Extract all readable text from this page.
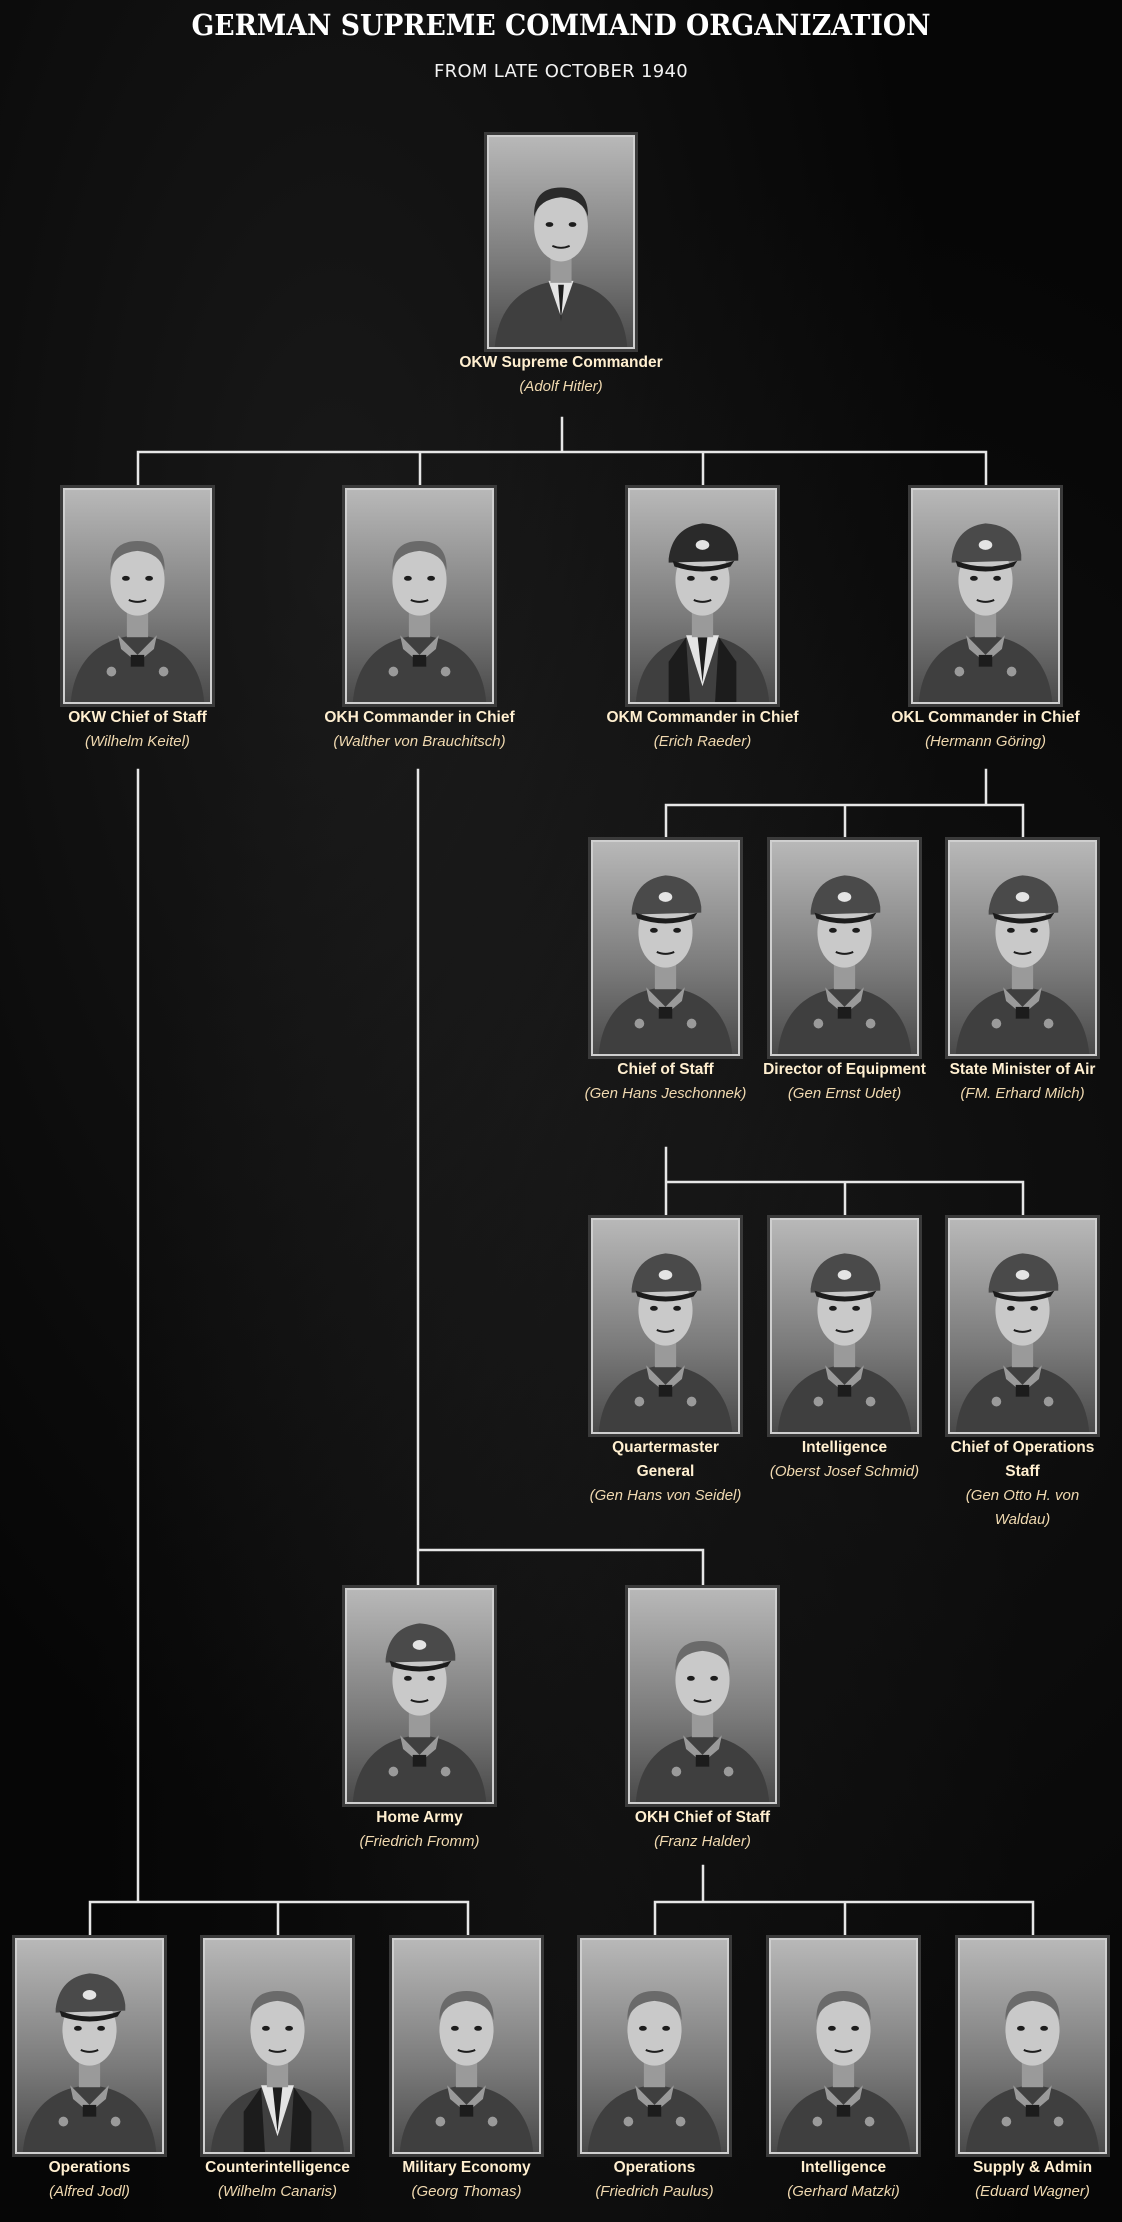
GERMAN SUPREME COMMAND ORGANIZATION
FROM LATE OCTOBER 1940
OKW Supreme Commander
(Adolf Hitler)
OKW Chief of Staff
(Wilhelm Keitel)
OKH Commander in Chief
(Walther von Brauchitsch)
OKM Commander in Chief
(Erich Raeder)
OKL Commander in Chief
(Hermann Göring)
Chief of Staff
(Gen Hans Jeschonnek)
Director of Equipment
(Gen Ernst Udet)
State Minister of Air
(FM. Erhard Milch)
Quartermaster General
(Gen Hans von Seidel)
Intelligence
(Oberst Josef Schmid)
Chief of Operations Staff
(Gen Otto H. von Waldau)
Home Army
(Friedrich Fromm)
OKH Chief of Staff
(Franz Halder)
Operations
(Alfred Jodl)
Counterintelligence
(Wilhelm Canaris)
Military Economy
(Georg Thomas)
Operations
(Friedrich Paulus)
Intelligence
(Gerhard Matzki)
Supply & Admin
(Eduard Wagner)
